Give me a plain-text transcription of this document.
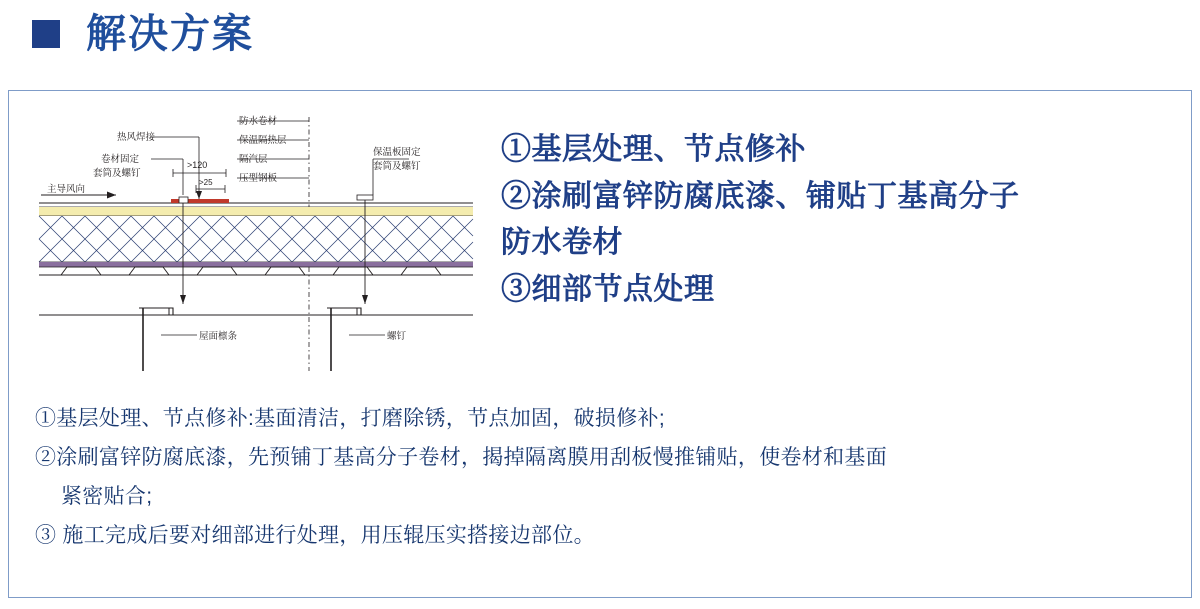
解决方案
防水卷材
保温隔热层
隔汽层
压型钢板
热风焊接
卷材固定
套筒及螺钉
>120
>25
主导风向
保温板固定
套筒及螺钉
屋面檩条	螺钉
①基层处理、节点修补
②涂刷富锌防腐底漆、铺贴丁基高分子
防水卷材
③细部节点处理
①基层处理、节点修补:基面清洁，打磨除锈，节点加固，破损修补;
②涂刷富锌防腐底漆，先预铺丁基高分子卷材，揭掉隔离膜用刮板慢推铺贴，使卷材和基面
紧密贴合;
③ 施工完成后要对细部进行处理，用压辊压实搭接边部位。
